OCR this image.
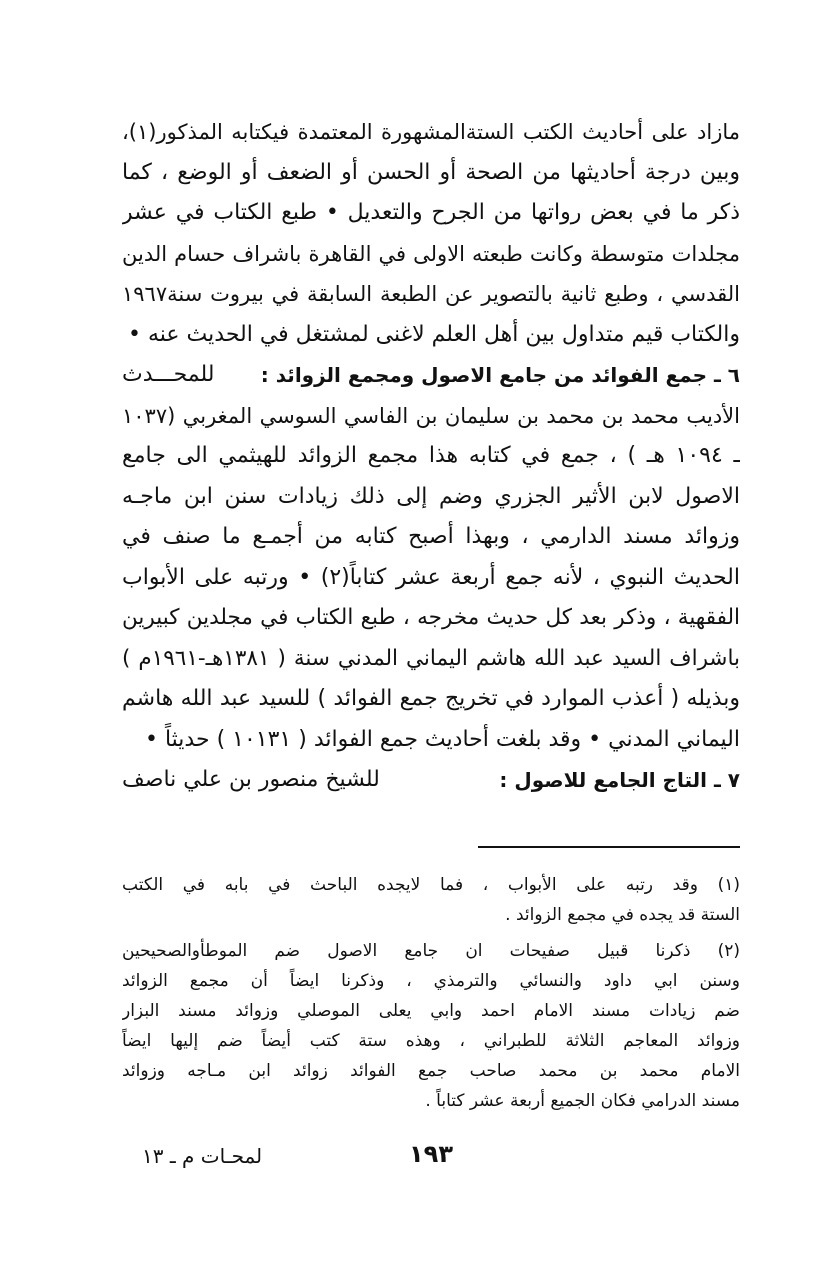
مازاد على أحاديث الكتب الستةالمشهورة المعتمدة فيكتابه المذكور(١)،
وبين درجة أحاديثها من الصحة أو الحسن أو الضعف أو الوضع ، كما
ذكر ما في بعض رواتها من الجرح والتعديل • طبع الكتاب في عشر
مجلدات متوسطة وكانت طبعته الاولى في القاهرة باشراف حسام الدين
القدسي ، وطبع ثانية بالتصوير عن الطبعة السابقة في بيروت سنة١٩٦٧
والكتاب قيم متداول بين أهل العلم لاغنى لمشتغل في الحديث عنه •
٦ ـ جمع الفوائد من جامع الاصول ومجمع الزوائد :
للمحـــدث
الأديب محمد بن محمد بن سليمان بن الفاسي السوسي المغربي (١٠٣٧
ـ ١٠٩٤ هـ ) ، جمع في كتابه هذا مجمع الزوائد للهيثمي الى جامع
الاصول لابن الأثير الجزري وضم إلى ذلك زيادات سنن ابن ماجـه
وزوائد مسند الدارمي ، وبهذا أصبح كتابه من أجمـع ما صنف في
الحديث النبوي ، لأنه جمع أربعة عشر كتاباً(٢) • ورتبه على الأبواب
الفقهية ، وذكر بعد كل حديث مخرجه ، طبع الكتاب في مجلدين كبيرين
باشراف السيد عبد الله هاشم اليماني المدني سنة ( ١٣٨١هـ-١٩٦١م )
وبذيله ( أعذب الموارد في تخريج جمع الفوائد ) للسيد عبد الله هاشم
اليماني المدني • وقد بلغت أحاديث جمع الفوائد ( ١٠١٣١ ) حديثاً •
٧ ـ التاج الجامع للاصول :
للشيخ منصور بن علي ناصف
(١) وقد رتبه على الأبواب ، فما لايجده الباحث في بابه في الكتب
الستة قد يجده في مجمع الزوائد .
(٢) ذكرنا قبيل صفيحات ان جامع الاصول ضم الموطأوالصحيحين
وسنن ابي داود والنسائي والترمذي ، وذكرنا ايضاً أن مجمع الزوائد
ضم زيادات مسند الامام احمد وابي يعلى الموصلي وزوائد مسند البزار
وزوائد المعاجم الثلاثة للطبراني ، وهذه ستة كتب أيضاً ضم إليها ايضاً
الامام محمد بن محمد صاحب جمع الفوائد زوائد ابن مـاجه وزوائد
مسند الدرامي فكان الجميع أربعة عشر كتاباً .
١٩٣
لمحـات م ـ ١٣
